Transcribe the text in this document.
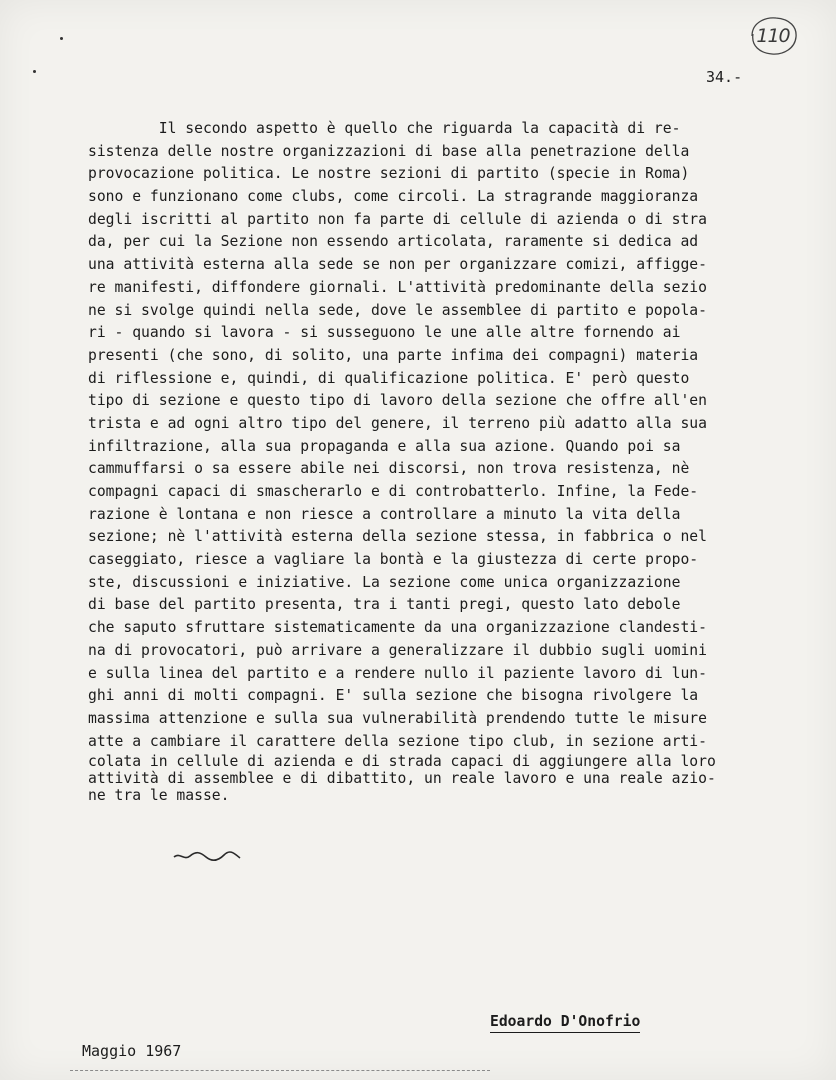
110
34.-
Il secondo aspetto è quello che riguarda la capacità di re-
sistenza delle nostre organizzazioni di base alla penetrazione della
provocazione politica. Le nostre sezioni di partito (specie in Roma)
sono e funzionano come clubs, come circoli. La stragrande maggioranza
degli iscritti al partito non fa parte di cellule di azienda o di stra
da, per cui la Sezione non essendo articolata, raramente si dedica ad
una attività esterna alla sede se non per organizzare comizi, affigge-
re manifesti, diffondere giornali. L'attività predominante della sezio
ne si svolge quindi nella sede, dove le assemblee di partito e popola-
ri - quando si lavora - si susseguono le une alle altre fornendo ai
presenti (che sono, di solito, una parte infima dei compagni) materia
di riflessione e, quindi, di qualificazione politica. E' però questo
tipo di sezione e questo tipo di lavoro della sezione che offre all'en
trista e ad ogni altro tipo del genere, il terreno più adatto alla sua
infiltrazione, alla sua propaganda e alla sua azione. Quando poi sa
cammuffarsi o sa essere abile nei discorsi, non trova resistenza, nè
compagni capaci di smascherarlo e di controbatterlo. Infine, la Fede-
razione è lontana e non riesce a controllare a minuto la vita della
sezione; nè l'attività esterna della sezione stessa, in fabbrica o nel
caseggiato, riesce a vagliare la bontà e la giustezza di certe propo-
ste, discussioni e iniziative. La sezione come unica organizzazione
di base del partito presenta, tra i tanti pregi, questo lato debole
che saputo sfruttare sistematicamente da una organizzazione clandesti-
na di provocatori, può arrivare a generalizzare il dubbio sugli uomini
e sulla linea del partito e a rendere nullo il paziente lavoro di lun-
ghi anni di molti compagni. E' sulla sezione che bisogna rivolgere la
massima attenzione e sulla sua vulnerabilità prendendo tutte le misure
atte a cambiare il carattere della sezione tipo club, in sezione arti-
colata in cellule di azienda e di strada capaci di aggiungere alla loro
attività di assemblee e di dibattito, un reale lavoro e una reale azio-
ne tra le masse.
Edoardo D'Onofrio
Maggio 1967
